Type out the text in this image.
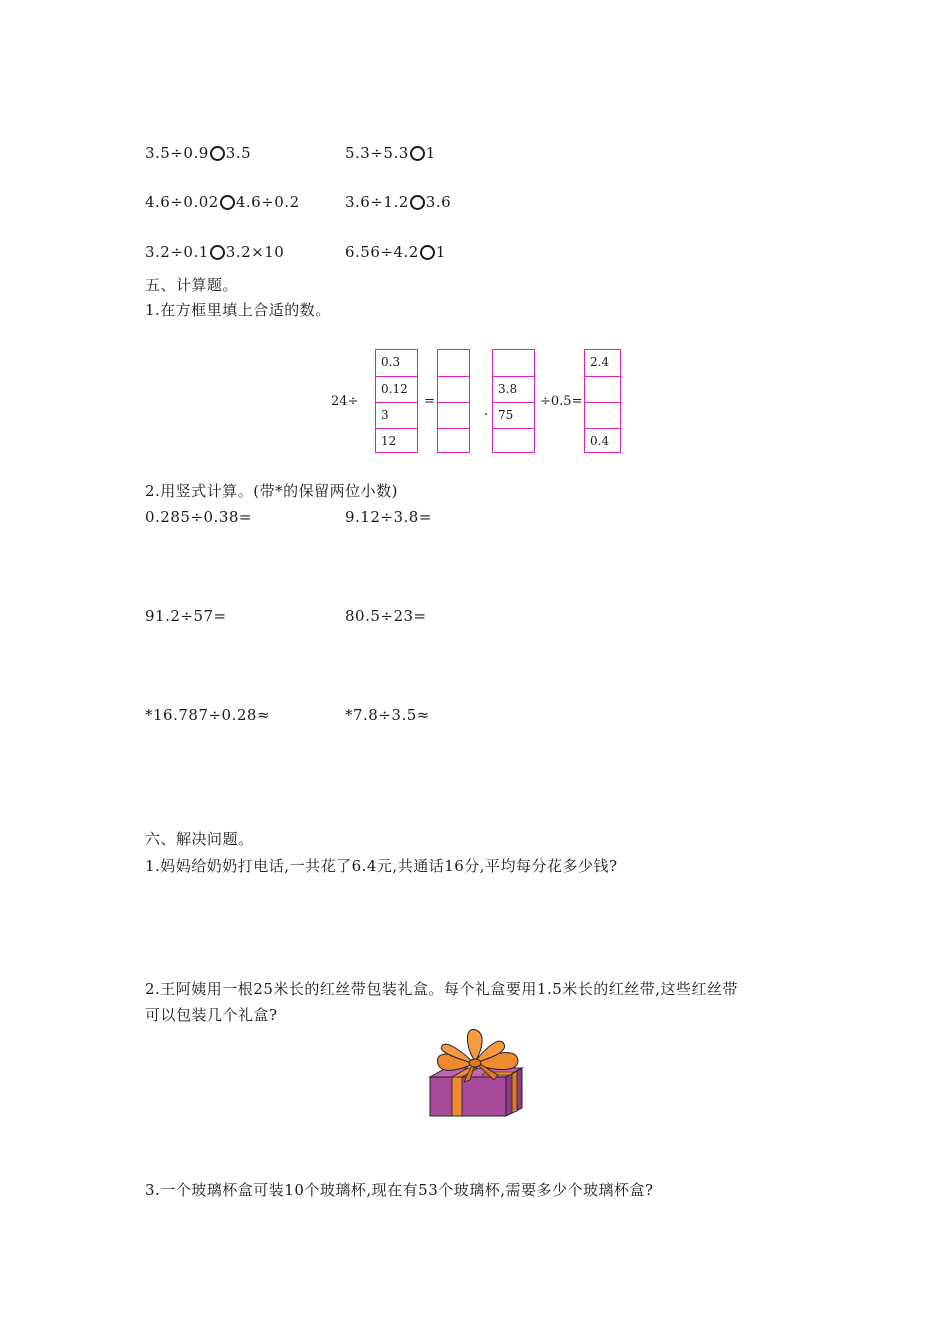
3.5÷0.9 3.5	5.3÷5.3 1
4.6÷0.02 4.6÷0.2	3.6÷1.2 3.6
3.2÷0.1 3.2×10	6.56÷4.2 1
五、计算题。
1.在方框里填上合适的数。
24÷
0.3
0.12
3
12
=
.
3.8
75
÷0.5=
2.4
0.4
2.用竖式计算。(带*的保留两位小数)
0.285÷0.38=	9.12÷3.8=
91.2÷57=	80.5÷23=
*16.787÷0.28≈	*7.8÷3.5≈
六、解决问题。
1.妈妈给奶奶打电话,一共花了6.4元,共通话16分,平均每分花多少钱?
2.王阿姨用一根25米长的红丝带包装礼盒。每个礼盒要用1.5米长的红丝带,这些红丝带
可以包装几个礼盒?
3.一个玻璃杯盒可装10个玻璃杯,现在有53个玻璃杯,需要多少个玻璃杯盒?
